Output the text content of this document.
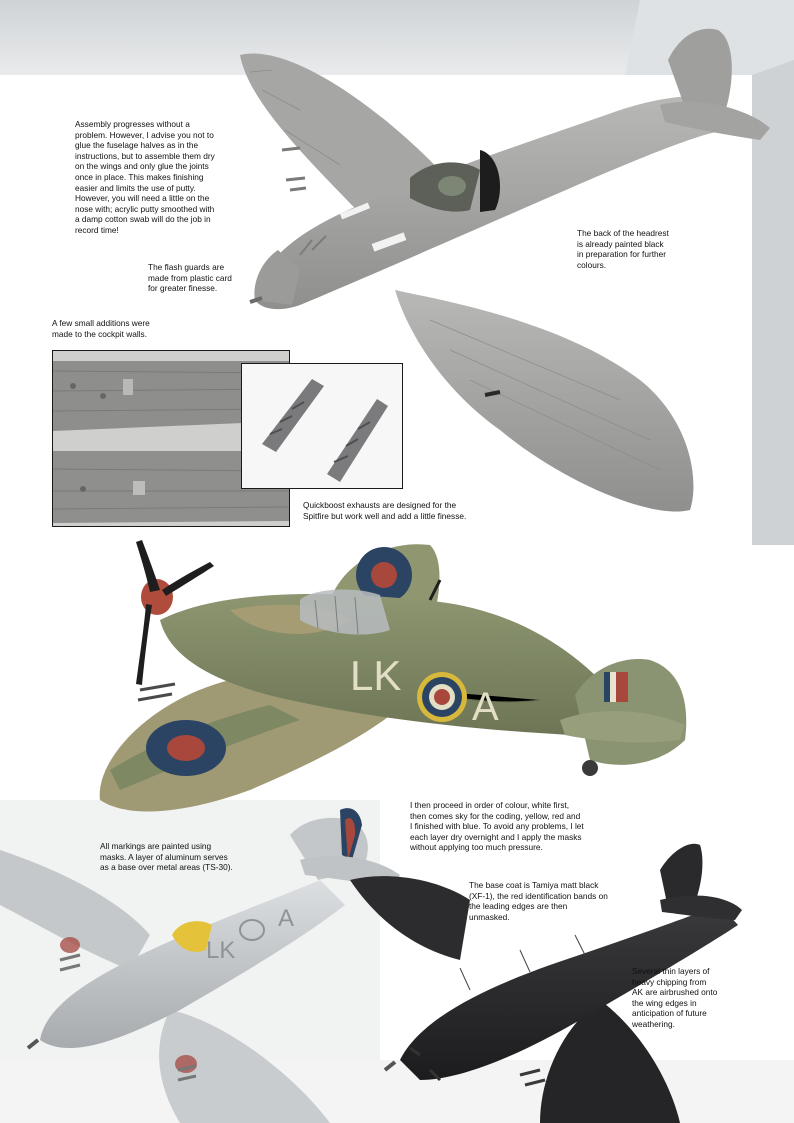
LK
A
LK
A

Assembly progresses without a
problem. However, I advise you not to
glue the fuselage halves as in the
instructions, but to assemble them dry
on the wings and only glue the joints
once in place. This makes finishing
easier and limits the use of putty.
However, you will need a little on the
nose with; acrylic putty smoothed with
a damp cotton swab will do the job in
record time!

The flash guards are
made from plastic card
for greater finesse.

The back of the headrest
is already painted black
in preparation for further
colours.

A few small additions were
made to the cockpit walls.

Quickboost exhausts are designed for the
Spitfire but work well and add a little finesse.

All markings are painted using
masks. A layer of aluminum serves
as a base over metal areas (TS-30).

I then proceed in order of colour, white first,
then comes sky for the coding, yellow, red and
I finished with blue. To avoid any problems, I let
each layer dry overnight and I apply the masks
without applying too much pressure.

The base coat is Tamiya matt black
(XF-1), the red identification bands on
the leading edges are then
unmasked.

Several thin layers of
heavy chipping from
AK are airbrushed onto
the wing edges in
anticipation of future
weathering.
